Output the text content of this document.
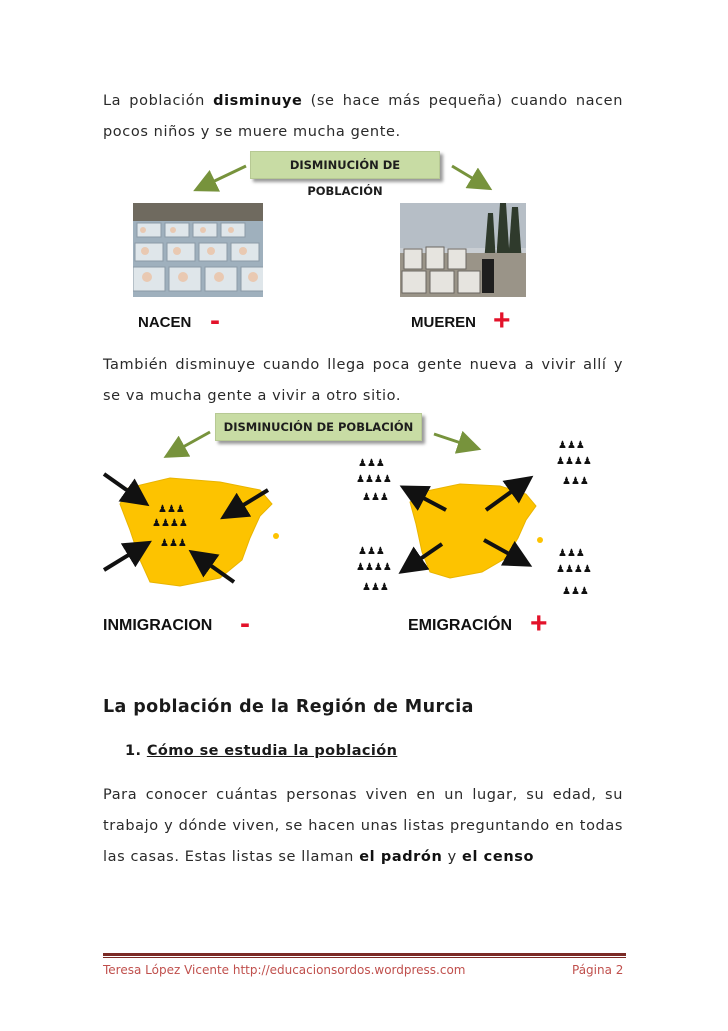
La población disminuye (se hace más pequeña) cuando nacen pocos niños y se muere mucha gente.
DISMINUCIÓN DE POBLACIÓN
NACEN -	MUEREN +
También disminuye cuando llega poca gente nueva a vivir allí y se va mucha gente a vivir a otro sitio.
DISMINUCIÓN DE POBLACIÓN
♟♟♟
♟♟♟♟
♟♟♟
♟♟♟
♟♟♟♟
♟♟♟
♟♟♟
♟♟♟♟
♟♟♟
♟♟♟
♟♟♟♟
♟♟♟
♟♟♟
♟♟♟♟
♟♟♟
INMIGRACION -	EMIGRACIÓN +
La población de la Región de Murcia
1. Cómo se estudia la población
Para conocer cuántas personas viven en un lugar, su edad, su trabajo y dónde viven, se hacen unas listas preguntando en todas las casas. Estas listas se llaman el padrón y el censo
Teresa López Vicente http://educacionsordos.wordpress.com	Página 2
